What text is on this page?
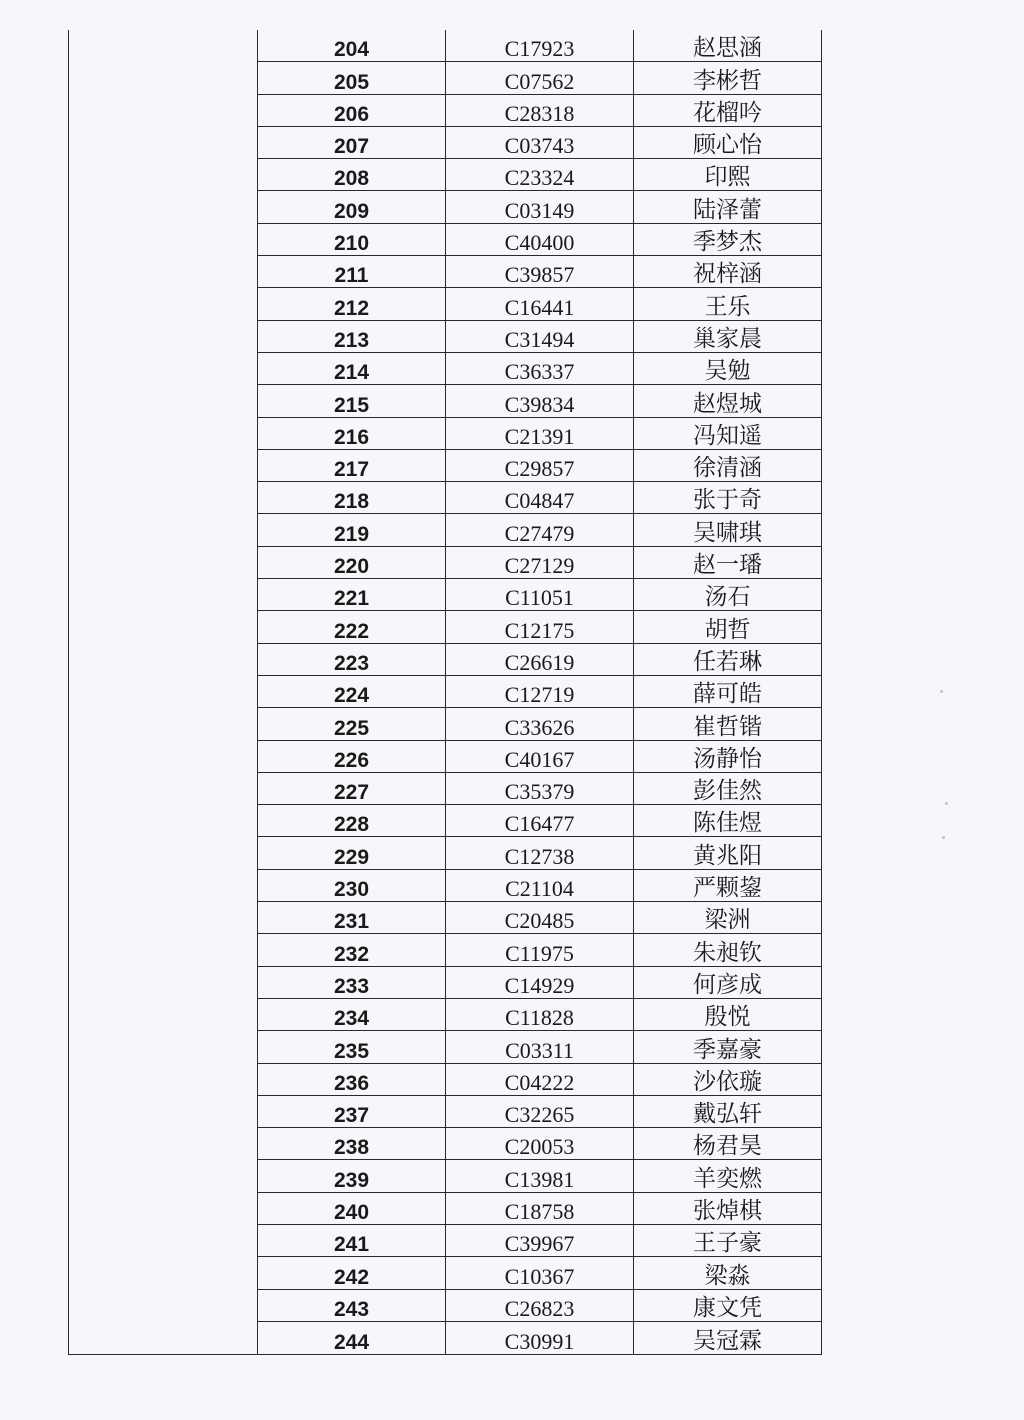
204	C17923	赵思涵
205	C07562	李彬哲
206	C28318	花榴吟
207	C03743	顾心怡
208	C23324	印熙
209	C03149	陆泽蕾
210	C40400	季梦杰
211	C39857	祝梓涵
212	C16441	王乐
213	C31494	巢家晨
214	C36337	吴勉
215	C39834	赵煜城
216	C21391	冯知遥
217	C29857	徐清涵
218	C04847	张于奇
219	C27479	吴啸琪
220	C27129	赵一璠
221	C11051	汤石
222	C12175	胡哲
223	C26619	任若琳
224	C12719	薛可皓
225	C33626	崔哲锴
226	C40167	汤静怡
227	C35379	彭佳然
228	C16477	陈佳煜
229	C12738	黄兆阳
230	C21104	严颗鋆
231	C20485	梁洲
232	C11975	朱昶钦
233	C14929	何彦成
234	C11828	殷悦
235	C03311	季嘉豪
236	C04222	沙依璇
237	C32265	戴弘轩
238	C20053	杨君昊
239	C13981	羊奕燃
240	C18758	张焯棋
241	C39967	王子豪
242	C10367	梁淼
243	C26823	康文凭
244	C30991	吴冠霖
